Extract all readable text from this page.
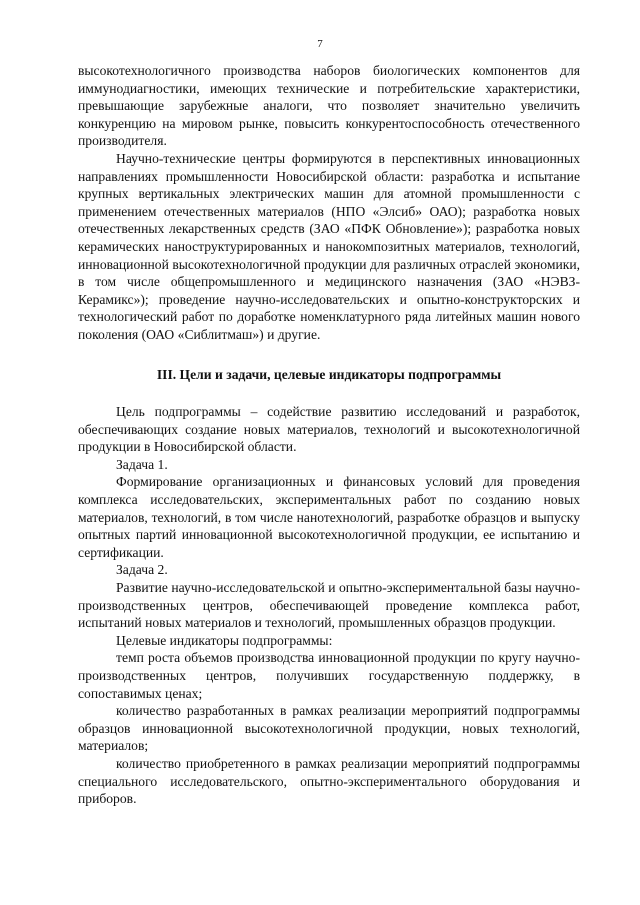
7

высокотехнологичного производства наборов биологических компонентов для иммунодиагностики, имеющих технические и потребительские характеристики, превышающие зарубежные аналоги, что позволяет значительно увеличить конкуренцию на мировом рынке, повысить конкурентоспособность отечественного производителя.

Научно-технические центры формируются в перспективных инновационных направлениях промышленности Новосибирской области: разработка и испытание крупных вертикальных электрических машин для атомной промышленности с применением отечественных материалов (НПО «Элсиб» ОАО); разработка новых отечественных лекарственных средств (ЗАО «ПФК Обновление»); разработка новых керамических наноструктурированных и нанокомпозитных материалов, технологий, инновационной высокотехнологичной продукции для различных отраслей экономики, в том числе общепромышленного и медицинского назначения (ЗАО «НЭВЗ-Керамикс»); проведение научно-исследовательских и опытно-конструкторских и технологический работ по доработке номенклатурного ряда литейных машин нового поколения (ОАО «Сиблитмаш») и другие.

III. Цели и задачи, целевые индикаторы подпрограммы

Цель подпрограммы – содействие развитию исследований и разработок, обеспечивающих создание новых материалов, технологий и высокотехнологичной продукции в Новосибирской области.

Задача 1.

Формирование организационных и финансовых условий для проведения комплекса исследовательских, экспериментальных работ по созданию новых материалов, технологий, в том числе нанотехнологий, разработке образцов и выпуску опытных партий инновационной высокотехнологичной продукции, ее испытанию и сертификации.

Задача 2.

Развитие научно-исследовательской и опытно-экспериментальной базы научно-производственных центров, обеспечивающей проведение комплекса работ, испытаний новых материалов и технологий, промышленных образцов продукции.

Целевые индикаторы подпрограммы:

темп роста объемов производства инновационной продукции по кругу научно-производственных центров, получивших государственную поддержку, в сопоставимых ценах;

количество разработанных в рамках реализации мероприятий подпрограммы образцов инновационной высокотехнологичной продукции, новых технологий, материалов;

количество приобретенного в рамках реализации мероприятий подпрограммы специального исследовательского, опытно-экспериментального оборудования и приборов.
